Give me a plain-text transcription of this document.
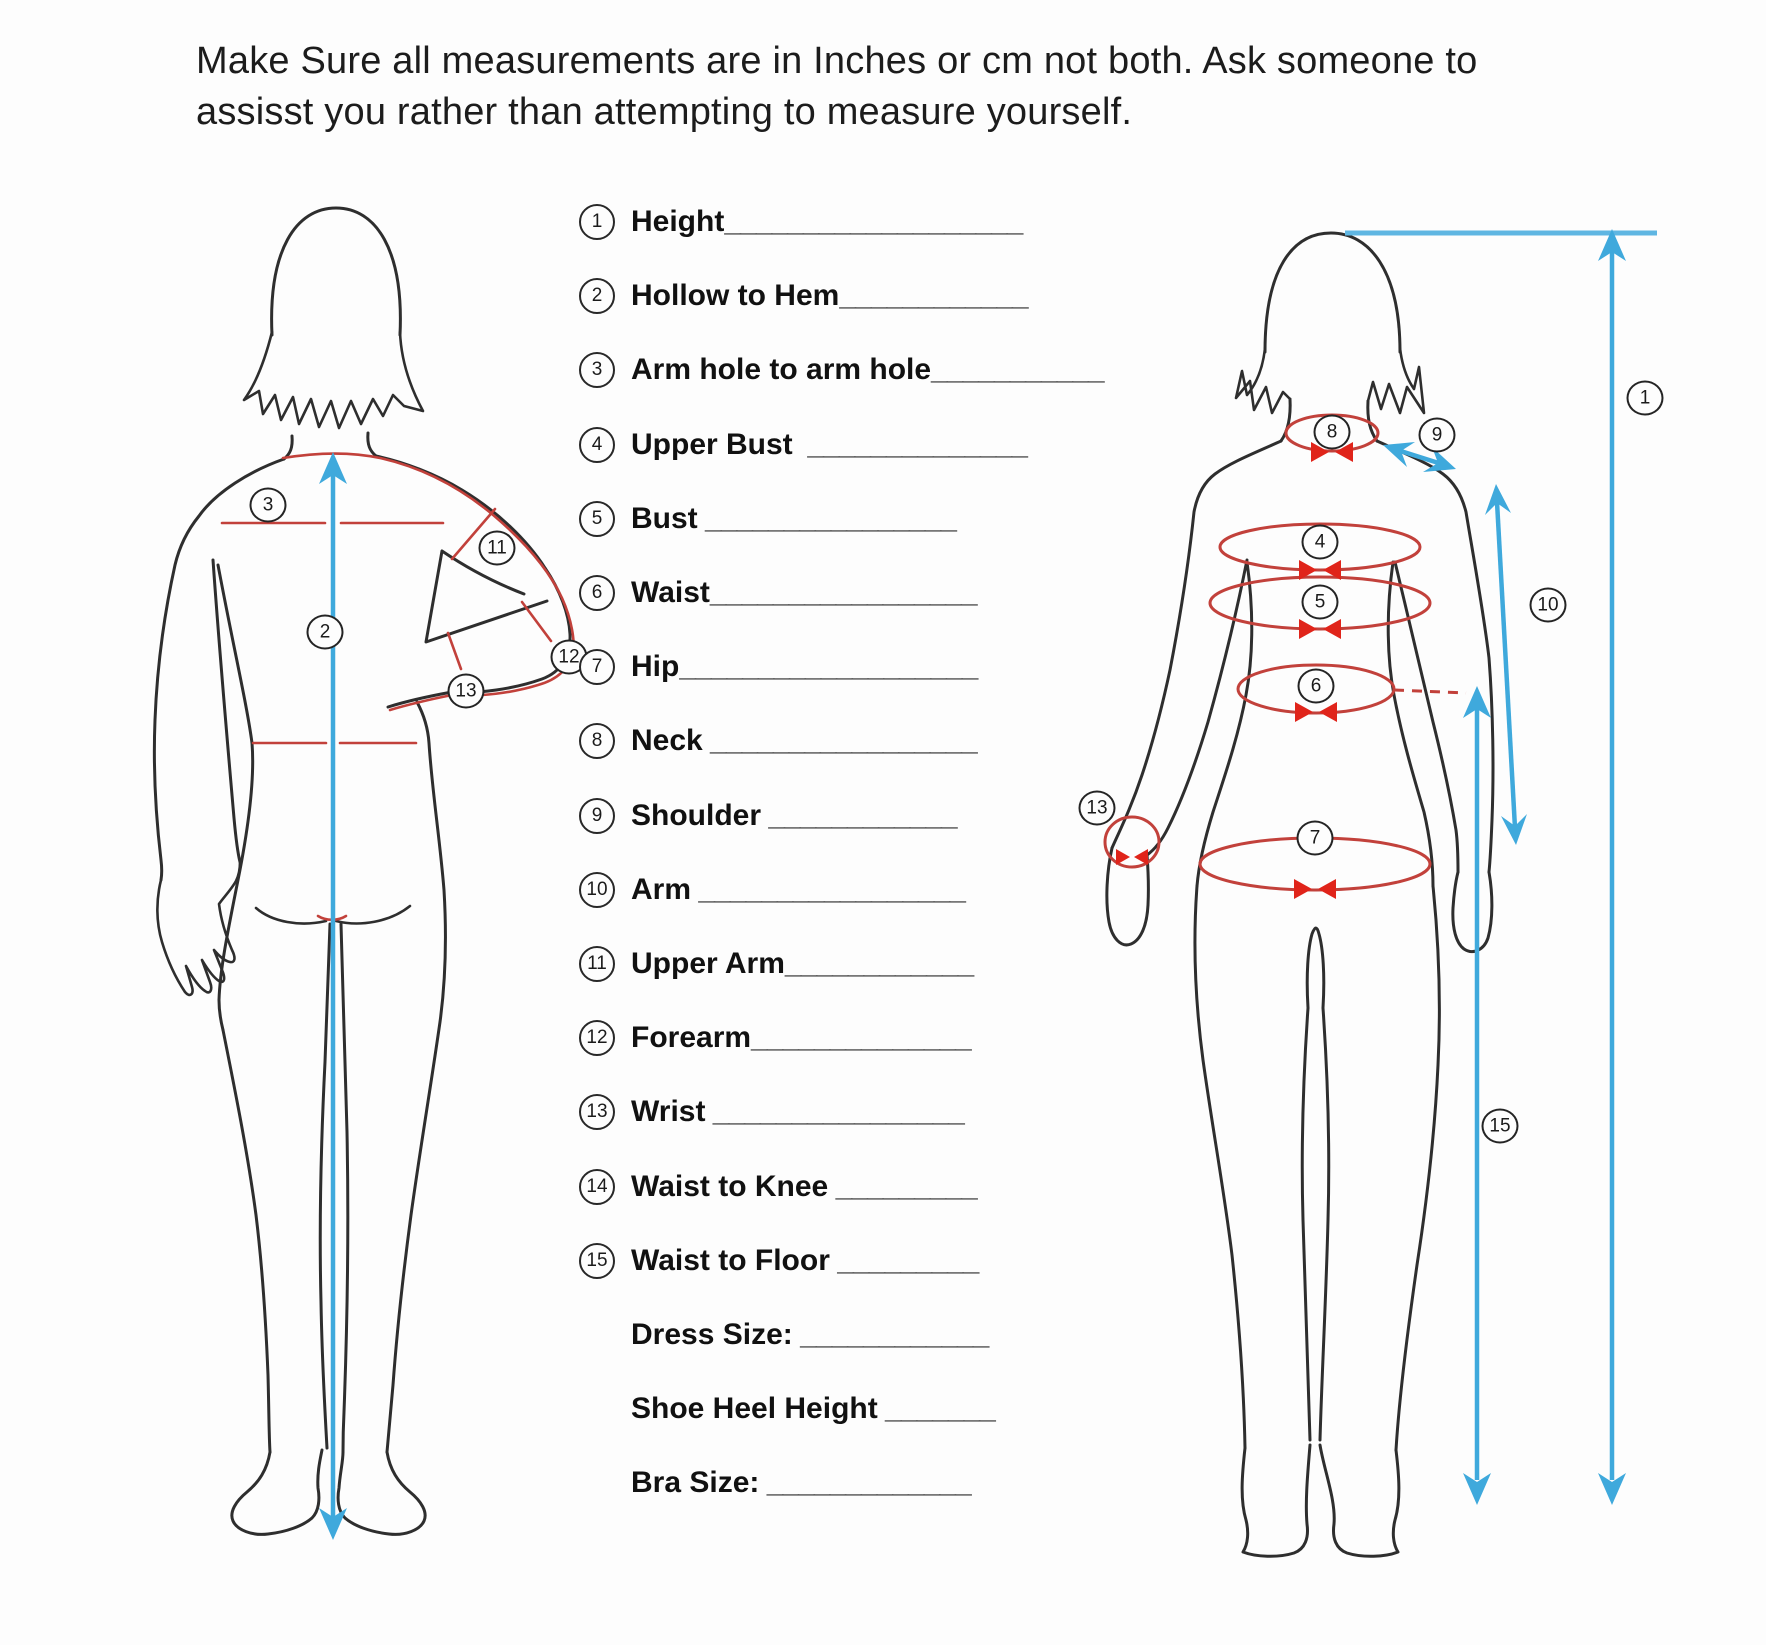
Make Sure all measurements are in Inches or cm not both. Ask someone to
assisst you rather than attempting to measure yourself.
3
2
11
12
13
8	9
1
4
5	10
6
7
13
15
1 Height ___________________
2 Hollow to Hem ____________
3 Arm hole to arm hole ___________
4 Upper Bust ______________
5 Bust ________________
6 Waist _________________
7 Hip ___________________
8 Neck _________________
9 Shoulder ____________
10 Arm _________________
11 Upper Arm ____________
12 Forearm ______________
13 Wrist ________________
14 Waist to Knee _________
15 Waist to Floor _________
Dress Size: ____________
Shoe Heel Height _______
Bra Size: _____________
